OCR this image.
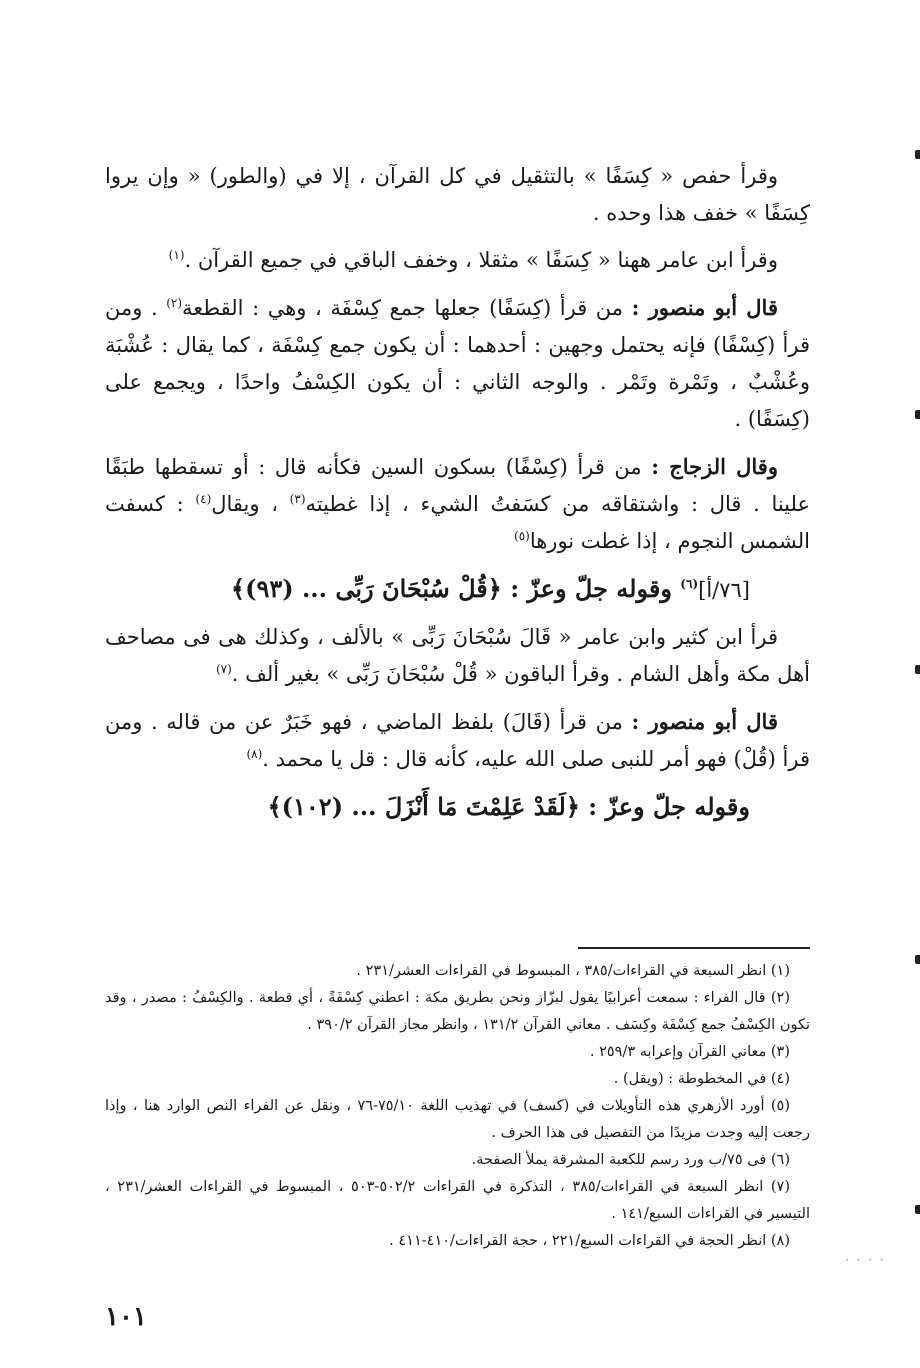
وقرأ حفص « كِسَفًا » بالتثقيل في كل القرآن ، إلا في (والطور) « وإن يروا كِسَفًا » خفف هذا وحده .

وقرأ ابن عامر ههنا « كِسَفًا » مثقلا ، وخفف الباقي في جميع القرآن .$^{(١)}$

قال أبو منصور : من قرأ (كِسَفًا) جعلها جمع كِسْفَة ، وهي : القطعة$^{(٢)}$ . ومن قرأ (كِسْفًا) فإنه يحتمل وجهين : أحدهما : أن يكون جمع كِسْفَة ، كما يقال : عُشْبَة وعُشْبٌ ، وتَمْرة وتَمْر . والوجه الثاني : أن يكون الكِسْفُ واحدًا ، ويجمع على (كِسَفًا) .

وقال الزجاج : من قرأ (كِسْفًا) بسكون السين فكأنه قال : أو تسقطها طبَقًا علينا . قال : واشتقاقه من كسَفتُ الشيء ، إذا غطيته$^{(٣)}$ ، ويقال$^{(٤)}$ : كسفت الشمس النجوم ، إذا غطت نورها$^{(٥)}$

[٧٦/أ]$^{(٦)}$ وقوله جلّ وعزّ : ﴿قُلْ سُبْحَانَ رَبِّى ... (٩٣)﴾

قرأ ابن كثير وابن عامر « قَالَ سُبْحَانَ رَبِّى » بالألف ، وكذلك هى فى مصاحف أهل مكة وأهل الشام . وقرأ الباقون « قُلْ سُبْحَانَ رَبِّى » بغير ألف .$^{(٧)}$

قال أبو منصور : من قرأ (قَالَ) بلفظ الماضي ، فهو خَبَرٌ عن من قاله . ومن قرأ (قُلْ) فهو أمر للنبى صلى الله عليه، كأنه قال : قل يا محمد .$^{(٨)}$

وقوله جلّ وعزّ : ﴿لَقَدْ عَلِمْتَ مَا أَنْزَلَ ... (١٠٢)﴾

(١) انظر السبعة في القراءات/٣٨٥ ، المبسوط في القراءات العشر/٢٣١ .

(٢) قال الفراء : سمعت أعرابيًا يقول لبزّاز ونحن بطريق مكة : اعطني كِسْفَةً ، أي قطعة . والكِسْفُ : مصدر ، وقد تكون الكِسْفُ جمع كِسْفَة وكِسَف . معاني القرآن ١٣١/٢ ، وانظر مجاز القرآن ٣٩٠/٢ .

(٣) معاني القرآن وإعرابه ٢٥٩/٣ .

(٤) في المخطوطة : (ويقل) .

(٥) أورد الأزهري هذه التأويلات في (كسف) في تهذيب اللغة ٧٥/١٠-٧٦ ، ونقل عن الفراء النص الوارد هنا ، وإذا رجعت إليه وجدت مزيدًا من التفصيل فى هذا الحرف .

(٦) فى ٧٥/ب ورد رسم للكعبة المشرقة يملأ الصفحة.

(٧) انظر السبعة في القراءات/٣٨٥ ، التذكرة في القراءات ٥٠٢/٢-٥٠٣ ، المبسوط في القراءات العشر/٢٣١ ، التيسير في القراءات السبع/١٤١ .

(٨) انظر الحجة في القراءات السبع/٢٢١ ، حجة القراءات/٤١٠-٤١١ .

١٠١
· · · ·
